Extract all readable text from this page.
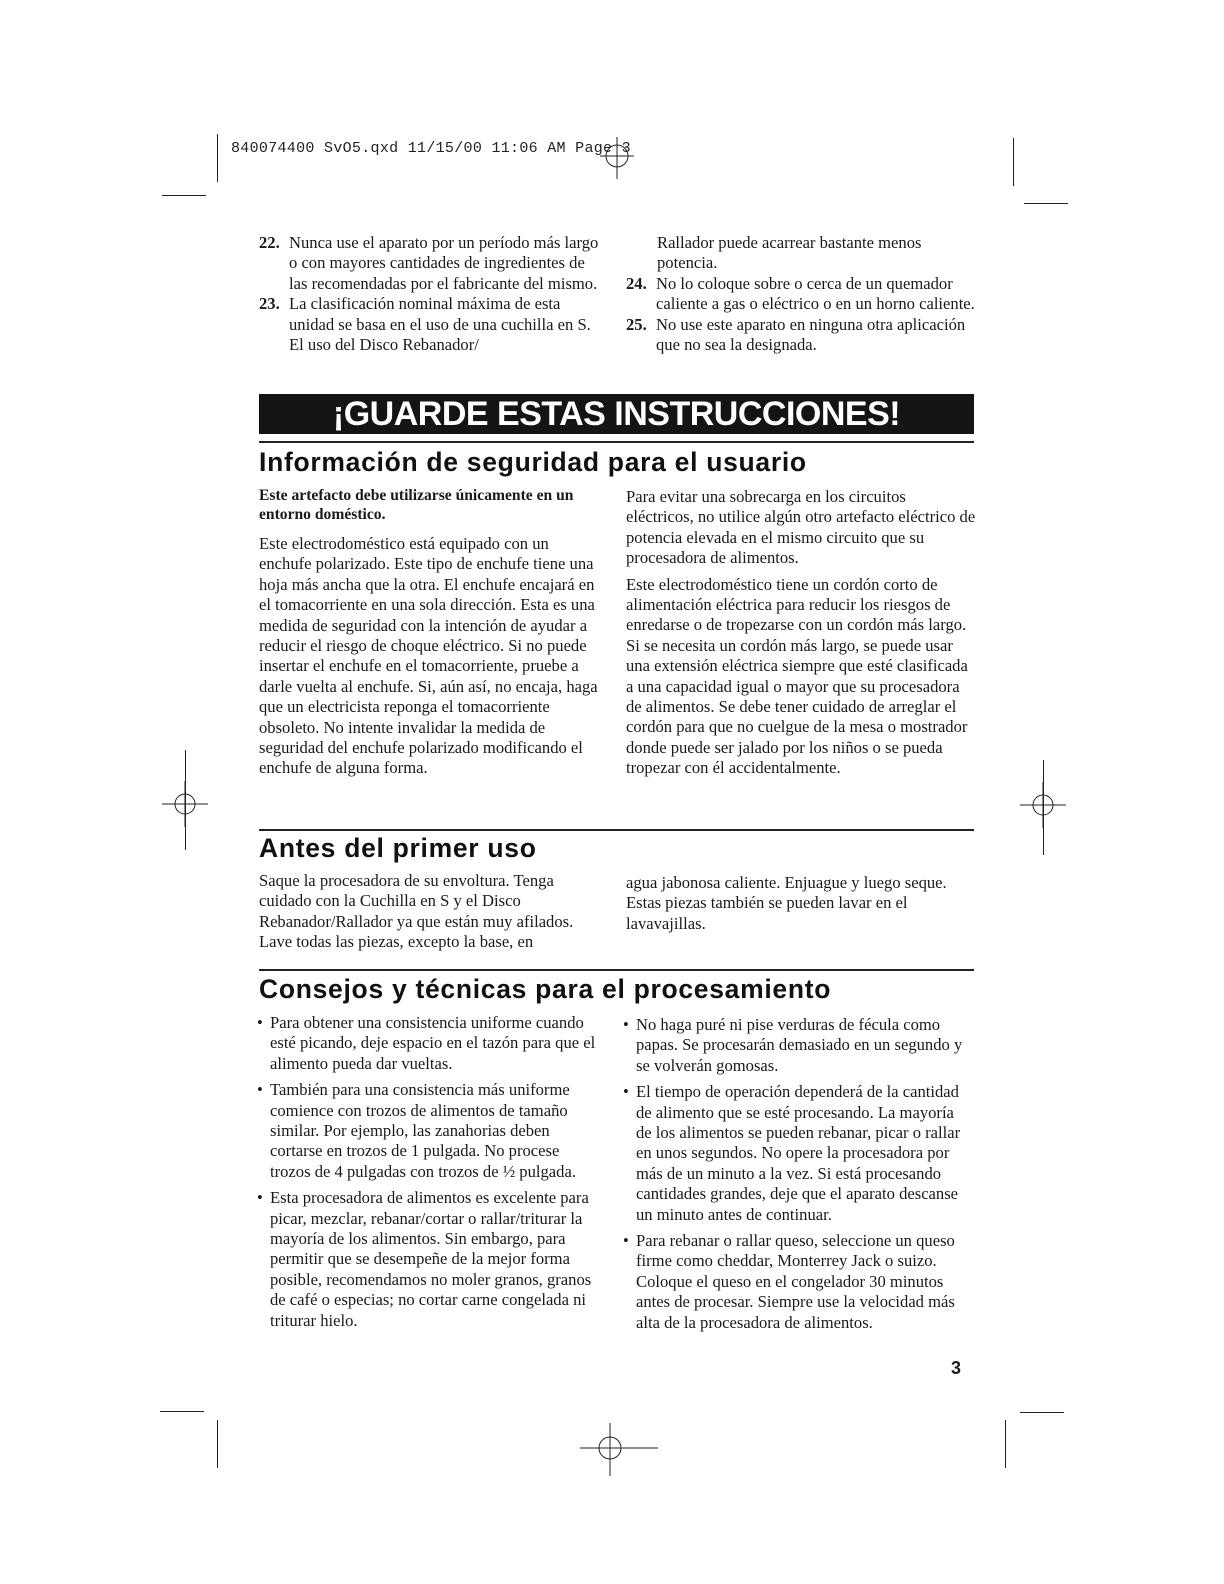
840074400 SvO5.qxd 11/15/00 11:06 AM Page 3
22. Nunca use el aparato por un período más largo o con mayores cantidades de ingredientes de las recomendadas por el fabricante del mismo.
23. La clasificación nominal máxima de esta unidad se basa en el uso de una cuchilla en S. El uso del Disco Rebanador/
Rallador puede acarrear bastante menos potencia.
24. No lo coloque sobre o cerca de un quemador caliente a gas o eléctrico o en un horno caliente.
25. No use este aparato en ninguna otra aplicación que no sea la designada.
¡GUARDE ESTAS INSTRUCCIONES!
Información de seguridad para el usuario

Este artefacto debe utilizarse únicamente en un entorno doméstico.

Este electrodoméstico está equipado con un enchufe polarizado. Este tipo de enchufe tiene una hoja más ancha que la otra. El enchufe encajará en el tomacorriente en una sola dirección. Esta es una medida de seguridad con la intención de ayudar a reducir el riesgo de choque eléctrico. Si no puede insertar el enchufe en el tomacorriente, pruebe a darle vuelta al enchufe. Si, aún así, no encaja, haga que un electricista reponga el tomacorriente obsoleto. No intente invalidar la medida de seguridad del enchufe polarizado modificando el enchufe de alguna forma.

Para evitar una sobrecarga en los circuitos eléctricos, no utilice algún otro artefacto eléctrico de potencia elevada en el mismo circuito que su procesadora de alimentos.

Este electrodoméstico tiene un cordón corto de alimentación eléctrica para reducir los riesgos de enredarse o de tropezarse con un cordón más largo. Si se necesita un cordón más largo, se puede usar una extensión eléctrica siempre que esté clasificada a una capacidad igual o mayor que su procesadora de alimentos. Se debe tener cuidado de arreglar el cordón para que no cuelgue de la mesa o mostrador donde puede ser jalado por los niños o se pueda tropezar con él accidentalmente.

Antes del primer uso

Saque la procesadora de su envoltura. Tenga cuidado con la Cuchilla en S y el Disco Rebanador/Rallador ya que están muy afilados. Lave todas las piezas, excepto la base, en

agua jabonosa caliente. Enjuague y luego seque. Estas piezas también se pueden lavar en el lavavajillas.

Consejos y técnicas para el procesamiento
• Para obtener una consistencia uniforme cuando esté picando, deje espacio en el tazón para que el alimento pueda dar vueltas.
• También para una consistencia más uniforme comience con trozos de alimentos de tamaño similar. Por ejemplo, las zanahorias deben cortarse en trozos de 1 pulgada. No procese trozos de 4 pulgadas con trozos de ½ pulgada.
• Esta procesadora de alimentos es excelente para picar, mezclar, rebanar/cortar o rallar/triturar la mayoría de los alimentos. Sin embargo, para permitir que se desempeñe de la mejor forma posible, recomendamos no moler granos, granos de café o especias; no cortar carne congelada ni triturar hielo.
• No haga puré ni pise verduras de fécula como papas. Se procesarán demasiado en un segundo y se volverán gomosas.
• El tiempo de operación dependerá de la cantidad de alimento que se esté procesando. La mayoría de los alimentos se pueden rebanar, picar o rallar en unos segundos. No opere la procesadora por más de un minuto a la vez. Si está procesando cantidades grandes, deje que el aparato descanse un minuto antes de continuar.
• Para rebanar o rallar queso, seleccione un queso firme como cheddar, Monterrey Jack o suizo. Coloque el queso en el congelador 30 minutos antes de procesar. Siempre use la velocidad más alta de la procesadora de alimentos.
3
